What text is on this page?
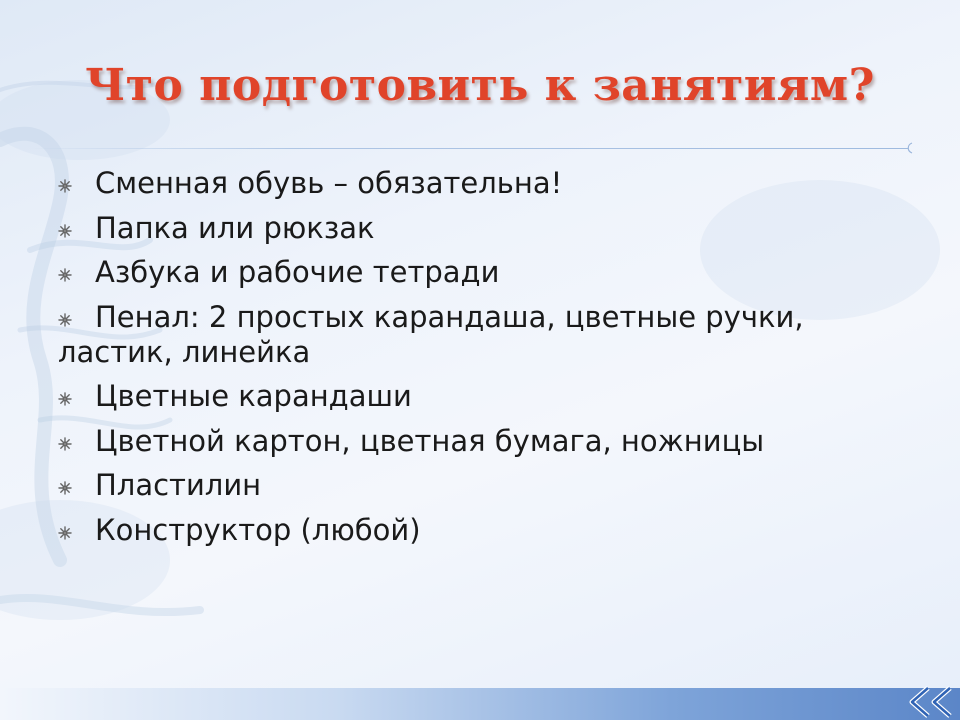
Что подготовить к занятиям?
Сменная обувь – обязательна!
Папка или рюкзак
Азбука и рабочие тетради
Пенал: 2 простых карандаша, цветные ручки,
ластик, линейка
Цветные карандаши
Цветной картон, цветная бумага, ножницы
Пластилин
Конструктор (любой)
